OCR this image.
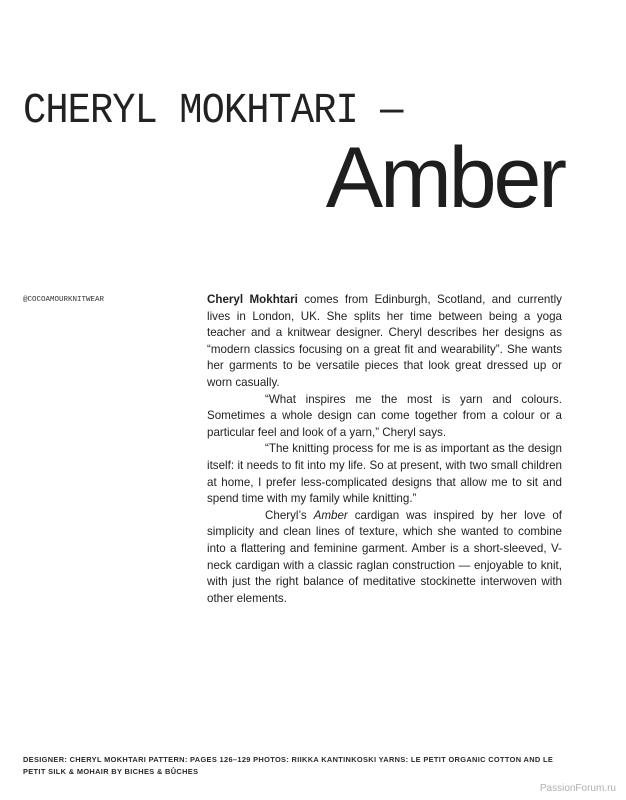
CHERYL MOKHTARI —
Amber
@COCOAMOURKNITWEAR	Cheryl Mokhtari comes from Edinburgh, Scotland, and currently lives in London, UK. She splits her time between being a yoga teacher and a knitwear designer. Cheryl describes her designs as “modern classics focusing on a great fit and wearability”. She wants her garments to be versatile pieces that look great dressed up or worn casually.

“What inspires me the most is yarn and colours. Sometimes a whole design can come together from a colour or a particular feel and look of a yarn,” Cheryl says.

“The knitting process for me is as important as the design itself: it needs to fit into my life. So at present, with two small children at home, I prefer less-complicated designs that allow me to sit and spend time with my family while knitting.”

Cheryl’s Amber cardigan was inspired by her love of simplicity and clean lines of texture, which she wanted to combine into a flattering and feminine garment. Amber is a short-sleeved, V-neck cardigan with a classic raglan construction — enjoyable to knit, with just the right balance of meditative stockinette interwoven with other elements.

DESIGNER: CHERYL MOKHTARI PATTERN: PAGES 126–129 PHOTOS: RIIKKA KANTINKOSKI YARNS: LE PETIT ORGANIC COTTON AND LE PETIT SILK & MOHAIR BY BICHES & BÛCHES
PassionForum.ru
